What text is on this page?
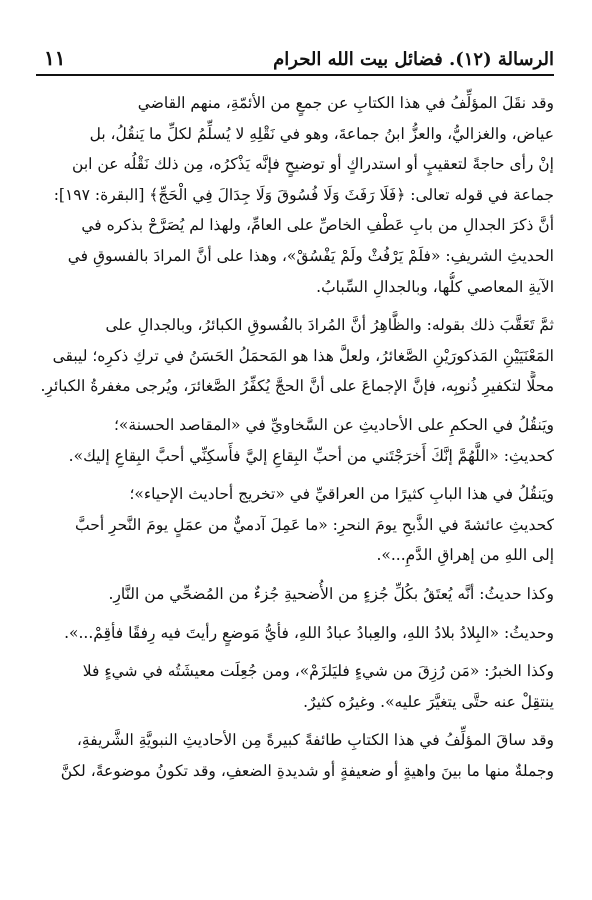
الرسالة (١٢). فضائل بيت الله الحرام
١١
وقد نقَلَ المؤلِّفُ في هذا الكتابِ عن جمعٍ من الأئمّةِ، منهم القاضي
عياض، والغزاليُّ، والعزُّ ابنُ جماعةَ، وهو في نَقْلِهِ لا يُسلِّمُ لكلِّ ما يَنقُلُ، بل
إنْ رأى حاجةً لتعقيبٍ أو استدراكٍ أو توضيحٍ فإنَّه يَذْكرُه، مِن ذلك نَقْلُه عن ابن
جماعة في قوله تعالى: ﴿فَلَا رَفَثَ وَلَا فُسُوقَ وَلَا جِدَالَ فِي الْحَجِّ﴾ [البقرة: ١٩٧]:
أنَّ ذكرَ الجدالِ من بابِ عَطْفِ الخاصِّ على العامِّ، ولهذا لم يُصَرَّحْ بذكره في
الحديثِ الشريفِ: «فلَمْ يَرْفُثْ ولَمْ يَفْسُقْ»، وهذا على أنَّ المرادَ بالفسوقِ في
الآيةِ المعاصي كلُّها، وبالجدالِ السِّبابُ.
ثمَّ تَعَقَّبَ ذلك بقوله: والظَّاهِرُ أنَّ المُرادَ بالفُسوقِ الكبائرُ، وبالجدالِ على
المَعْنَيَيْنِ المَذكورَيْنِ الصَّغائرُ، ولعلَّ هذا هو المَحمَلُ الحَسَنُ في تركِ ذكرِه؛ ليبقى
محلًّا لتكفيرِ ذُنوبِه، فإنَّ الإجماعَ على أنَّ الحجَّ يُكفِّرُ الصَّغائرَ، ويُرجى مغفرةُ الكبائرِ.
ويَنقُلُ في الحكمِ على الأحاديثِ عن السَّخاويِّ في «المقاصد الحسنة»؛
كحديثِ: «اللَّهُمَّ إنَّكَ أَخرَجْتَني من أحبِّ البِقاعِ إليَّ فأَسكِنِّي أحبَّ البِقاعِ إليك».
ويَنقُلُ في هذا البابِ كثيرًا من العراقيِّ في «تخريج أحاديث الإحياء»؛
كحديثِ عائشةَ في الذَّبحِ يومَ النحرِ: «ما عَمِلَ آدميٌّ من عمَلٍ يومَ النَّحرِ أحبَّ
إلى اللهِ من إهراقِ الدَّمِ...».
وكذا حديثُ: أنَّه يُعتَقُ بكُلِّ جُزءٍ من الأُضحيةِ جُزءٌ من المُضحِّي من النَّارِ.
وحديثُ: «البِلادُ بلادُ اللهِ، والعِبادُ عبادُ اللهِ، فأيُّ مَوضعٍ رأيتَ فيه رِفقًا فأقِمْ...».
وكذا الخبرُ: «مَن رُزِقَ من شيءٍ فليَلزَمْ»، ومن جُعِلَت معيشَتُه في شيءٍ فلا
ينتقِلْ عنه حتَّى يتغيَّرَ عليه». وغيرُه كثيرٌ.
وقد ساقَ المؤلِّفُ في هذا الكتابِ طائفةً كبيرةً مِن الأحاديثِ النبويَّةِ الشَّريفةِ،
وجملةٌ منها ما بينَ واهيةٍ أو ضعيفةٍ أو شديدةِ الضعفِ، وقد تكونُ موضوعةً، لكنَّ
